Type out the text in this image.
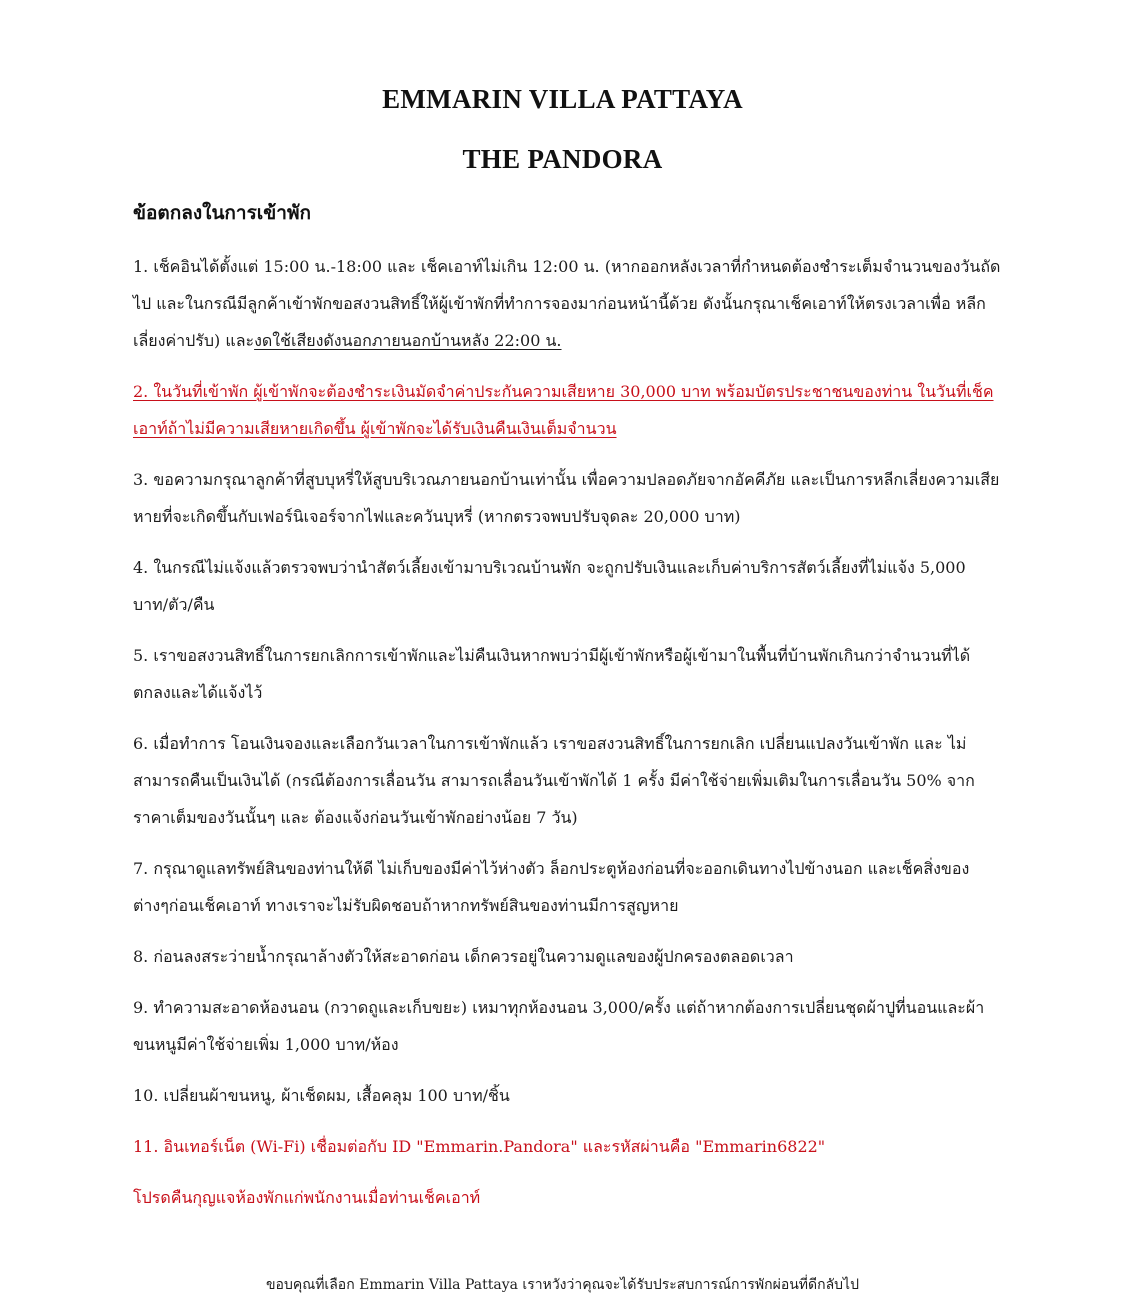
EMMARIN VILLA PATTAYA
THE PANDORA
ข้อตกลงในการเข้าพัก

1. เช็คอินได้ตั้งแต่ 15:00 น.-18:00 และ เช็คเอาท์ไม่เกิน 12:00 น. (หากออกหลังเวลาที่กำหนดต้องชำระเต็มจำนวนของวันถัดไป และในกรณีมีลูกค้าเข้าพักขอสงวนสิทธิ์ให้ผู้เข้าพักที่ทำการจองมาก่อนหน้านี้ด้วย ดังนั้นกรุณาเช็คเอาท์ให้ตรงเวลาเพื่อ หลีกเลี่ยงค่าปรับ) และงดใช้เสียงดังนอกภายนอกบ้านหลัง 22:00 น.

2. ในวันที่เข้าพัก ผู้เข้าพักจะต้องชำระเงินมัดจำค่าประกันความเสียหาย 30,000 บาท พร้อมบัตรประชาชนของท่าน ในวันที่เช็คเอาท์ถ้าไม่มีความเสียหายเกิดขึ้น ผู้เข้าพักจะได้รับเงินคืนเงินเต็มจำนวน

3. ขอความกรุณาลูกค้าที่สูบบุหรี่ให้สูบบริเวณภายนอกบ้านเท่านั้น เพื่อความปลอดภัยจากอัคคีภัย และเป็นการหลีกเลี่ยงความเสียหายที่จะเกิดขึ้นกับเฟอร์นิเจอร์จากไฟและควันบุหรี่ (หากตรวจพบปรับจุดละ 20,000 บาท)

4. ในกรณีไม่แจ้งแล้วตรวจพบว่านำสัตว์เลี้ยงเข้ามาบริเวณบ้านพัก จะถูกปรับเงินและเก็บค่าบริการสัตว์เลี้ยงที่ไม่แจ้ง 5,000 บาท/ตัว/คืน

5. เราขอสงวนสิทธิ์ในการยกเลิกการเข้าพักและไม่คืนเงินหากพบว่ามีผู้เข้าพักหรือผู้เข้ามาในพื้นที่บ้านพักเกินกว่าจำนวนที่ได้ตกลงและได้แจ้งไว้

6. เมื่อทำการ โอนเงินจองและเลือกวันเวลาในการเข้าพักแล้ว เราขอสงวนสิทธิ์ในการยกเลิก เปลี่ยนแปลงวันเข้าพัก และ ไม่สามารถคืนเป็นเงินได้ (กรณีต้องการเลื่อนวัน สามารถเลื่อนวันเข้าพักได้ 1 ครั้ง มีค่าใช้จ่ายเพิ่มเติมในการเลื่อนวัน 50% จากราคาเต็มของวันนั้นๆ และ ต้องแจ้งก่อนวันเข้าพักอย่างน้อย 7 วัน)

7. กรุณาดูแลทรัพย์สินของท่านให้ดี ไม่เก็บของมีค่าไว้ห่างตัว ล็อกประตูห้องก่อนที่จะออกเดินทางไปข้างนอก และเช็คสิ่งของต่างๆก่อนเช็คเอาท์ ทางเราจะไม่รับผิดชอบถ้าหากทรัพย์สินของท่านมีการสูญหาย

8. ก่อนลงสระว่ายน้ำกรุณาล้างตัวให้สะอาดก่อน เด็กควรอยู่ในความดูแลของผู้ปกครองตลอดเวลา

9. ทำความสะอาดห้องนอน (กวาดถูและเก็บขยะ) เหมาทุกห้องนอน 3,000/ครั้ง แต่ถ้าหากต้องการเปลี่ยนชุดผ้าปูที่นอนและผ้าขนหนูมีค่าใช้จ่ายเพิ่ม 1,000 บาท/ห้อง

10. เปลี่ยนผ้าขนหนู, ผ้าเช็ดผม, เสื้อคลุม 100 บาท/ชิ้น

11. อินเทอร์เน็ต (Wi-Fi) เชื่อมต่อกับ ID "Emmarin.Pandora" และรหัสผ่านคือ "Emmarin6822"

โปรดคืนกุญแจห้องพักแก่พนักงานเมื่อท่านเช็คเอาท์

ขอบคุณที่เลือก Emmarin Villa Pattaya เราหวังว่าคุณจะได้รับประสบการณ์การพักผ่อนที่ดีกลับไป
